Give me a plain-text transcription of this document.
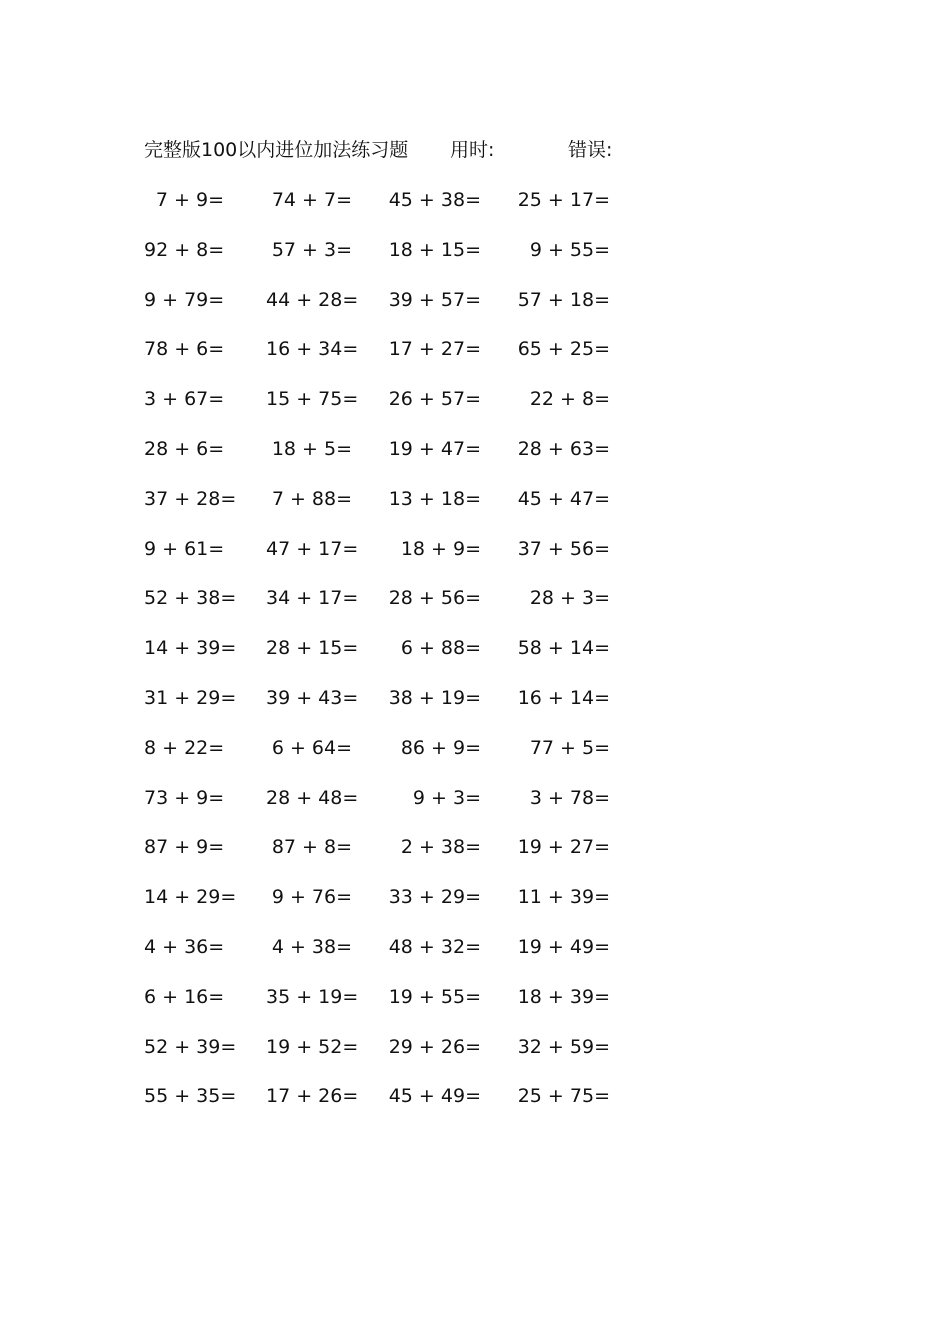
完整版100以内进位加法练习题 用时:	错误:
7 + 9=	74 + 7= 45 + 38= 25 + 17=
92 + 8=	57 + 3= 18 + 15=	9 + 55=
9 + 79= 44 + 28= 39 + 57= 57 + 18=
78 + 6= 16 + 34= 17 + 27= 65 + 25=
3 + 67= 15 + 75= 26 + 57=	22 + 8=
28 + 6=	18 + 5= 19 + 47= 28 + 63=
37 + 28= 7 + 88= 13 + 18= 45 + 47=
9 + 61= 47 + 17= 18 + 9= 37 + 56=
52 + 38= 34 + 17= 28 + 56=	28 + 3=
14 + 39= 28 + 15= 6 + 88= 58 + 14=
31 + 29= 39 + 43= 38 + 19= 16 + 14=
8 + 22=	6 + 64=	86 + 9=	77 + 5=
73 + 9= 28 + 48=	9 + 3=	3 + 78=
87 + 9=	87 + 8=	2 + 38= 19 + 27=
14 + 29= 9 + 76= 33 + 29= 11 + 39=
4 + 36=	4 + 38= 48 + 32= 19 + 49=
6 + 16= 35 + 19= 19 + 55= 18 + 39=
52 + 39= 19 + 52= 29 + 26= 32 + 59=
55 + 35= 17 + 26= 45 + 49= 25 + 75=
